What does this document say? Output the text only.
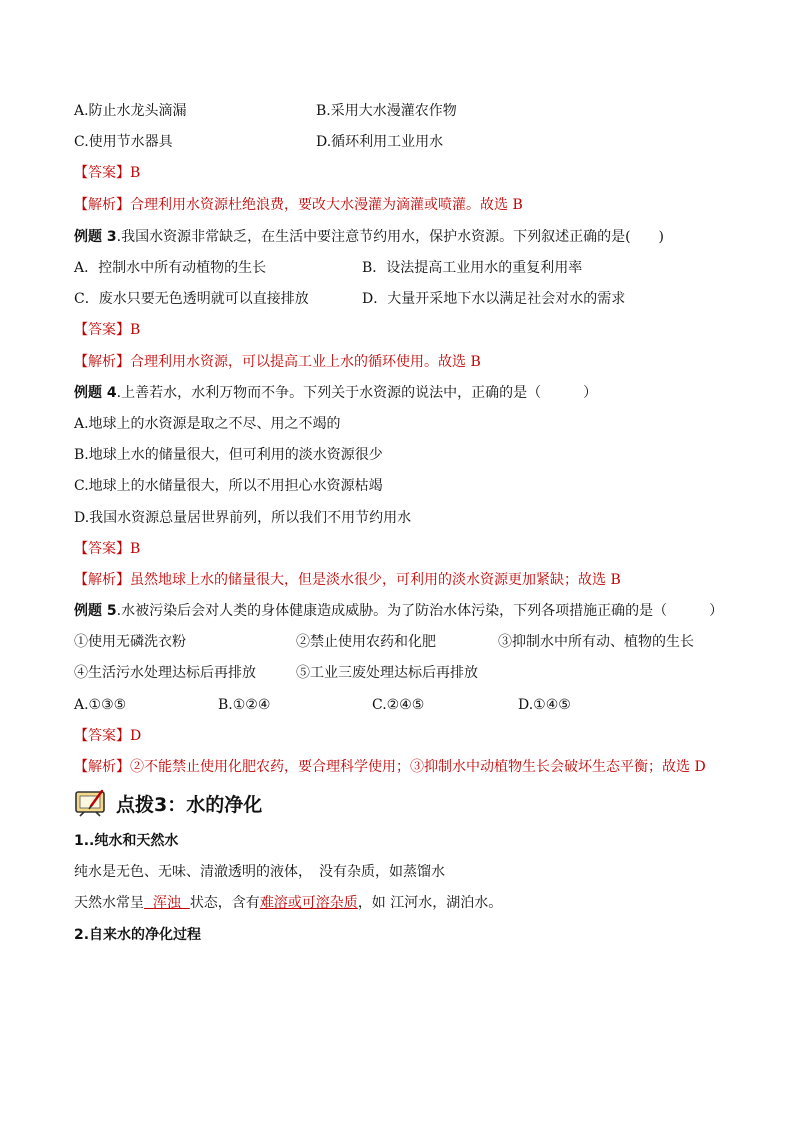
A.防止水龙头滴漏	B.采用大水漫灌农作物
C.使用节水器具	D.循环利用工业用水
【答案】B
【解析】合理利用水资源杜绝浪费，要改大水漫灌为滴灌或喷灌。故选 B
例题 3.我国水资源非常缺乏，在生活中要注意节约用水，保护水资源。下列叙述正确的是(　　)
A．控制水中所有动植物的生长	B．设法提高工业用水的重复利用率
C．废水只要无色透明就可以直接排放	D．大量开采地下水以满足社会对水的需求
【答案】B
【解析】合理利用水资源，可以提高工业上水的循环使用。故选 B
例题 4.上善若水，水利万物而不争。下列关于水资源的说法中，正确的是（　　　）
A.地球上的水资源是取之不尽、用之不竭的
B.地球上水的储量很大，但可利用的淡水资源很少
C.地球上的水储量很大，所以不用担心水资源枯竭
D.我国水资源总量居世界前列，所以我们不用节约用水
【答案】B
【解析】虽然地球上水的储量很大，但是淡水很少，可利用的淡水资源更加紧缺；故选 B
例题 5.水被污染后会对人类的身体健康造成威胁。为了防治水体污染，下列各项措施正确的是（　　　）
①使用无磷洗衣粉	②禁止使用农药和化肥	③抑制水中所有动、植物的生长
④生活污水处理达标后再排放	⑤工业三废处理达标后再排放
A.①③⑤	B.①②④	C.②④⑤	D.①④⑤
【答案】D
【解析】②不能禁止使用化肥农药，要合理科学使用；③抑制水中动植物生长会破坏生态平衡；故选 D
点拨3：水的净化
1..纯水和天然水
纯水是无色、无味、清澈透明的液体，　没有杂质，如蒸馏水
天然水常呈  浑浊  状态，含有难溶或可溶杂质，如 江河水，湖泊水。
2.自来水的净化过程
